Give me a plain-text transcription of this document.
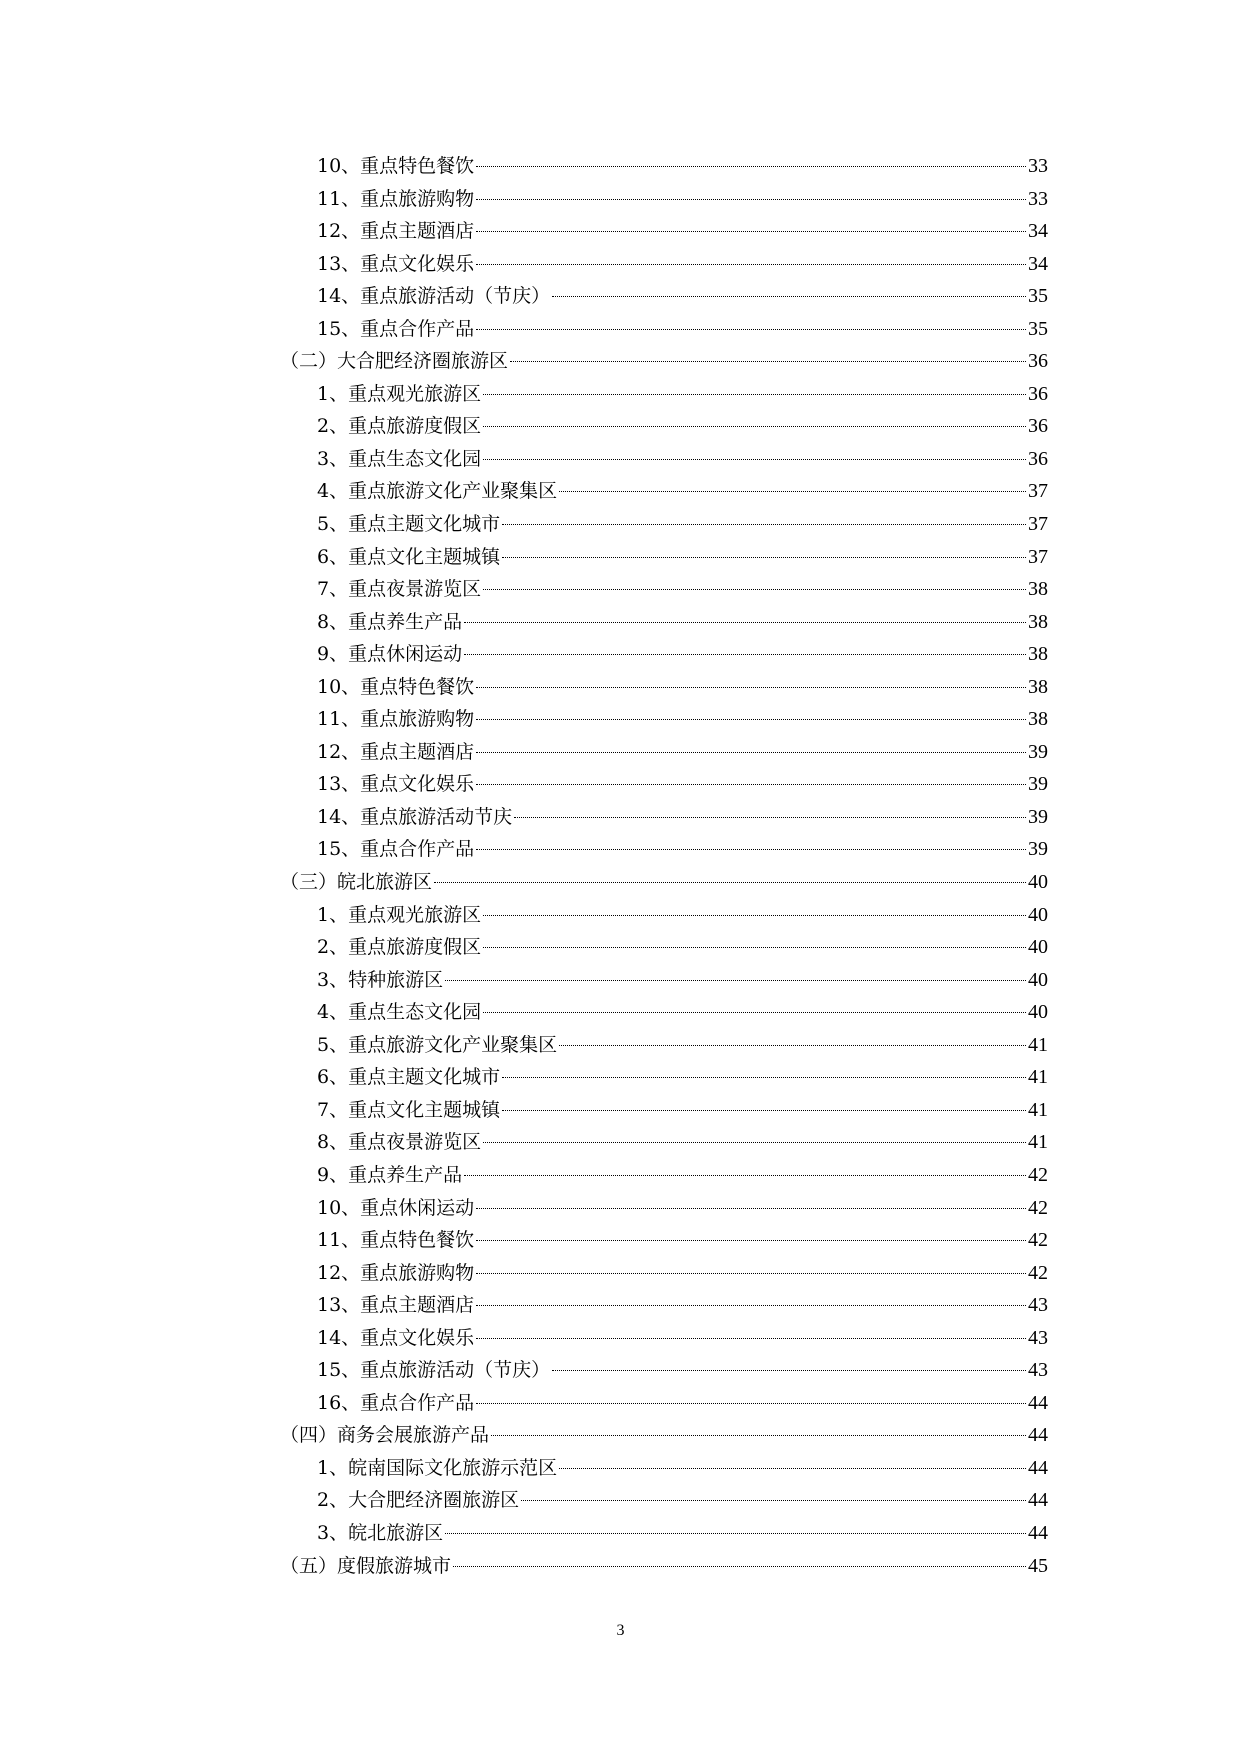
10、重点特色餐饮	33
11、重点旅游购物	33
12、重点主题酒店	34
13、重点文化娱乐	34
14、重点旅游活动（节庆）	35
15、重点合作产品	35
（二）大合肥经济圈旅游区	36
1、重点观光旅游区	36
2、重点旅游度假区	36
3、重点生态文化园	36
4、重点旅游文化产业聚集区	37
5、重点主题文化城市	37
6、重点文化主题城镇	37
7、重点夜景游览区	38
8、重点养生产品	38
9、重点休闲运动	38
10、重点特色餐饮	38
11、重点旅游购物	38
12、重点主题酒店	39
13、重点文化娱乐	39
14、重点旅游活动节庆	39
15、重点合作产品	39
（三）皖北旅游区	40
1、重点观光旅游区	40
2、重点旅游度假区	40
3、特种旅游区	40
4、重点生态文化园	40
5、重点旅游文化产业聚集区	41
6、重点主题文化城市	41
7、重点文化主题城镇	41
8、重点夜景游览区	41
9、重点养生产品	42
10、重点休闲运动	42
11、重点特色餐饮	42
12、重点旅游购物	42
13、重点主题酒店	43
14、重点文化娱乐	43
15、重点旅游活动（节庆）	43
16、重点合作产品	44
（四）商务会展旅游产品	44
1、皖南国际文化旅游示范区	44
2、大合肥经济圈旅游区	44
3、皖北旅游区	44
（五）度假旅游城市	45
3
